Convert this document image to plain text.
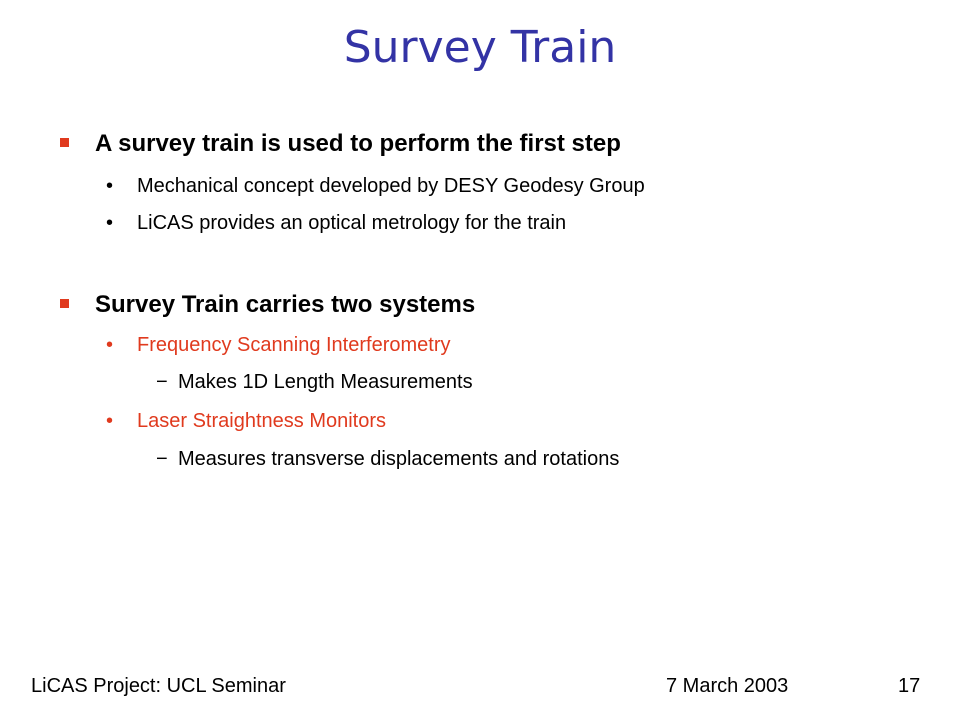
Survey Train
A survey train is used to perform the first step
• Mechanical concept developed by DESY Geodesy Group
• LiCAS provides an optical metrology for the train
Survey Train carries two systems
• Frequency Scanning Interferometry
− Makes 1D Length Measurements
• Laser Straightness Monitors
− Measures transverse displacements and rotations
LiCAS Project: UCL Seminar	7 March 2003	17
